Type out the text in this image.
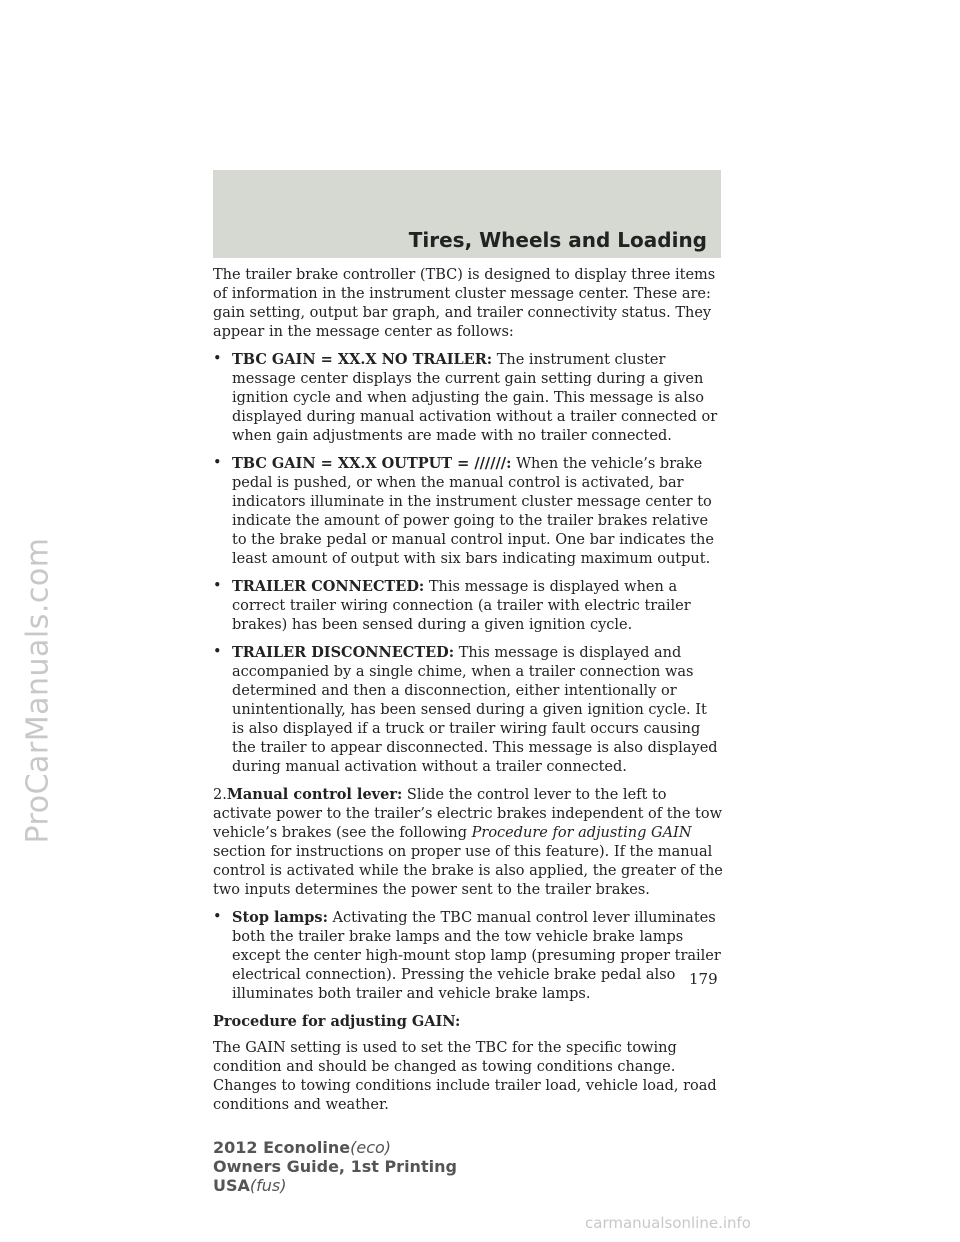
ProCarManuals.com
Tires, Wheels and Loading

The trailer brake controller (TBC) is designed to display three items of information in the instrument cluster message center. These are: gain setting, output bar graph, and trailer connectivity status. They appear in the message center as follows:

• TBC GAIN = XX.X NO TRAILER: The instrument cluster message center displays the current gain setting during a given ignition cycle and when adjusting the gain. This message is also displayed during manual activation without a trailer connected or when gain adjustments are made with no trailer connected.
• TBC GAIN = XX.X OUTPUT = //////: When the vehicle’s brake pedal is pushed, or when the manual control is activated, bar indicators illuminate in the instrument cluster message center to indicate the amount of power going to the trailer brakes relative to the brake pedal or manual control input. One bar indicates the least amount of output with six bars indicating maximum output.
• TRAILER CONNECTED: This message is displayed when a correct trailer wiring connection (a trailer with electric trailer brakes) has been sensed during a given ignition cycle.
• TRAILER DISCONNECTED: This message is displayed and accompanied by a single chime, when a trailer connection was determined and then a disconnection, either intentionally or unintentionally, has been sensed during a given ignition cycle. It is also displayed if a truck or trailer wiring fault occurs causing the trailer to appear disconnected. This message is also displayed during manual activation without a trailer connected.

2.Manual control lever: Slide the control lever to the left to activate power to the trailer’s electric brakes independent of the tow vehicle’s brakes (see the following Procedure for adjusting GAIN section for instructions on proper use of this feature). If the manual control is activated while the brake is also applied, the greater of the two inputs determines the power sent to the trailer brakes.

• Stop lamps: Activating the TBC manual control lever illuminates both the trailer brake lamps and the tow vehicle brake lamps except the center high-mount stop lamp (presuming proper trailer electrical connection). Pressing the vehicle brake pedal also illuminates both trailer and vehicle brake lamps.

Procedure for adjusting GAIN:

The GAIN setting is used to set the TBC for the specific towing condition and should be changed as towing conditions change. Changes to towing conditions include trailer load, vehicle load, road conditions and weather.

179
2012 Econoline(eco)
Owners Guide, 1st Printing
USA(fus)
carmanualsonline.info
